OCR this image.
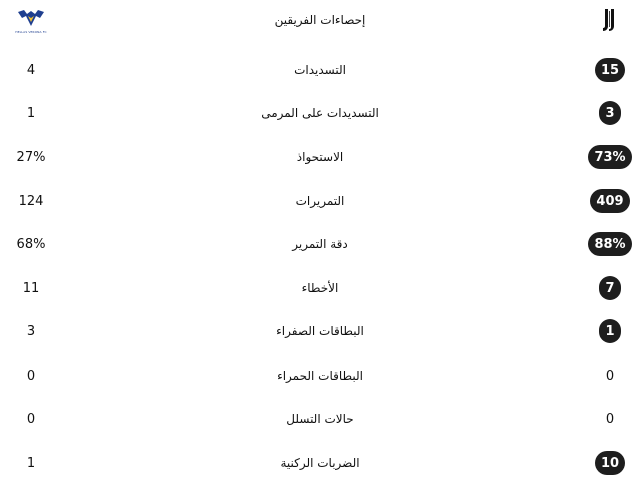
HELLAS VERONA FC
إحصاءات الفريقين
4	التسديدات	15
1	التسديدات على المرمى	3
27%	الاستحواذ	73%
124	التمريرات	409
68%	دقة التمرير	88%
11	الأخطاء	7
3	البطاقات الصفراء	1
0	البطاقات الحمراء	0
0	حالات التسلل	0
1	الضربات الركنية	10
